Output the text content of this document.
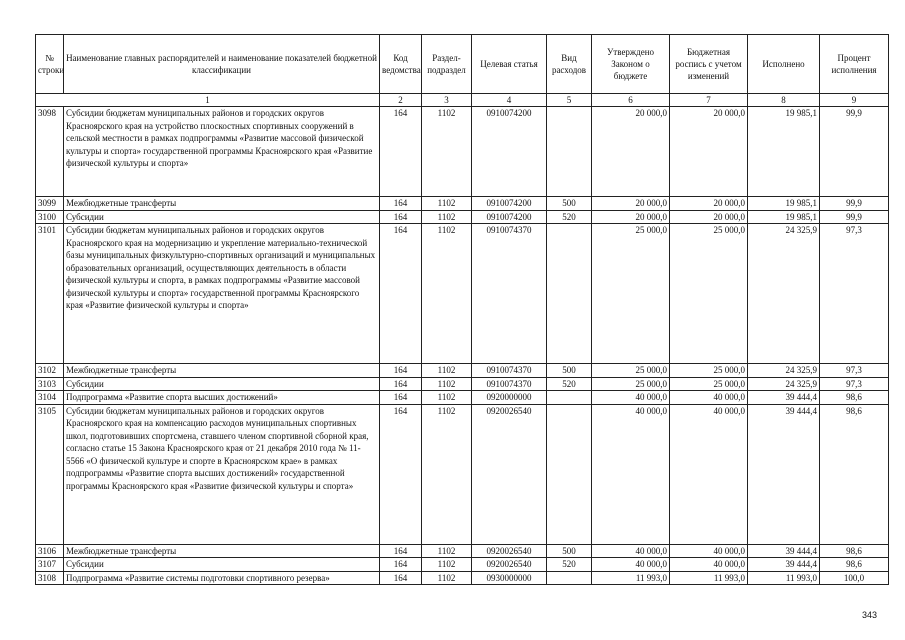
№ строки	Наименование главных распорядителей и наименование показателей бюджетной классификации	Код ведомства	Раздел-подраздел	Целевая статья	Вид расходов	Утверждено Законом о бюджете	Бюджетная роспись с учетом изменений	Исполнено	Процент исполнения
1		2	3	4	5	6	7	8	9
3098	Субсидии бюджетам муниципальных районов и городских округов Красноярского края на устройство плоскостных спортивных сооружений в сельской местности в рамках подпрограммы «Развитие массовой физической культуры и спорта» государственной программы Красноярского края «Развитие физической культуры и спорта»	164	1102	0910074200		20 000,0	20 000,0	19 985,1	99,9
3099	Межбюджетные трансферты	164	1102	0910074200	500	20 000,0	20 000,0	19 985,1	99,9
3100	Субсидии	164	1102	0910074200	520	20 000,0	20 000,0	19 985,1	99,9
3101	Субсидии бюджетам муниципальных районов и городских округов Красноярского края на модернизацию и укрепление материально-технической базы муниципальных физкультурно-спортивных организаций и муниципальных образовательных организаций, осуществляющих деятельность в области физической культуры и спорта, в рамках подпрограммы «Развитие массовой физической культуры и спорта» государственной программы Красноярского края «Развитие физической культуры и спорта»	164	1102	0910074370		25 000,0	25 000,0	24 325,9	97,3
3102	Межбюджетные трансферты	164	1102	0910074370	500	25 000,0	25 000,0	24 325,9	97,3
3103	Субсидии	164	1102	0910074370	520	25 000,0	25 000,0	24 325,9	97,3
3104	Подпрограмма «Развитие спорта высших достижений»	164	1102	0920000000		40 000,0	40 000,0	39 444,4	98,6
3105	Субсидии бюджетам муниципальных районов и городских округов Красноярского края на компенсацию расходов муниципальных спортивных школ, подготовивших спортсмена, ставшего членом спортивной сборной края, согласно статье 15 Закона Красноярского края от 21 декабря 2010 года № 11-5566 «О физической культуре и спорте в Красноярском крае» в рамках подпрограммы «Развитие спорта высших достижений» государственной программы Красноярского края «Развитие физической культуры и спорта»	164	1102	0920026540		40 000,0	40 000,0	39 444,4	98,6
3106	Межбюджетные трансферты	164	1102	0920026540	500	40 000,0	40 000,0	39 444,4	98,6
3107	Субсидии	164	1102	0920026540	520	40 000,0	40 000,0	39 444,4	98,6
3108	Подпрограмма «Развитие системы подготовки спортивного резерва»	164	1102	0930000000		11 993,0	11 993,0	11 993,0	100,0
343
